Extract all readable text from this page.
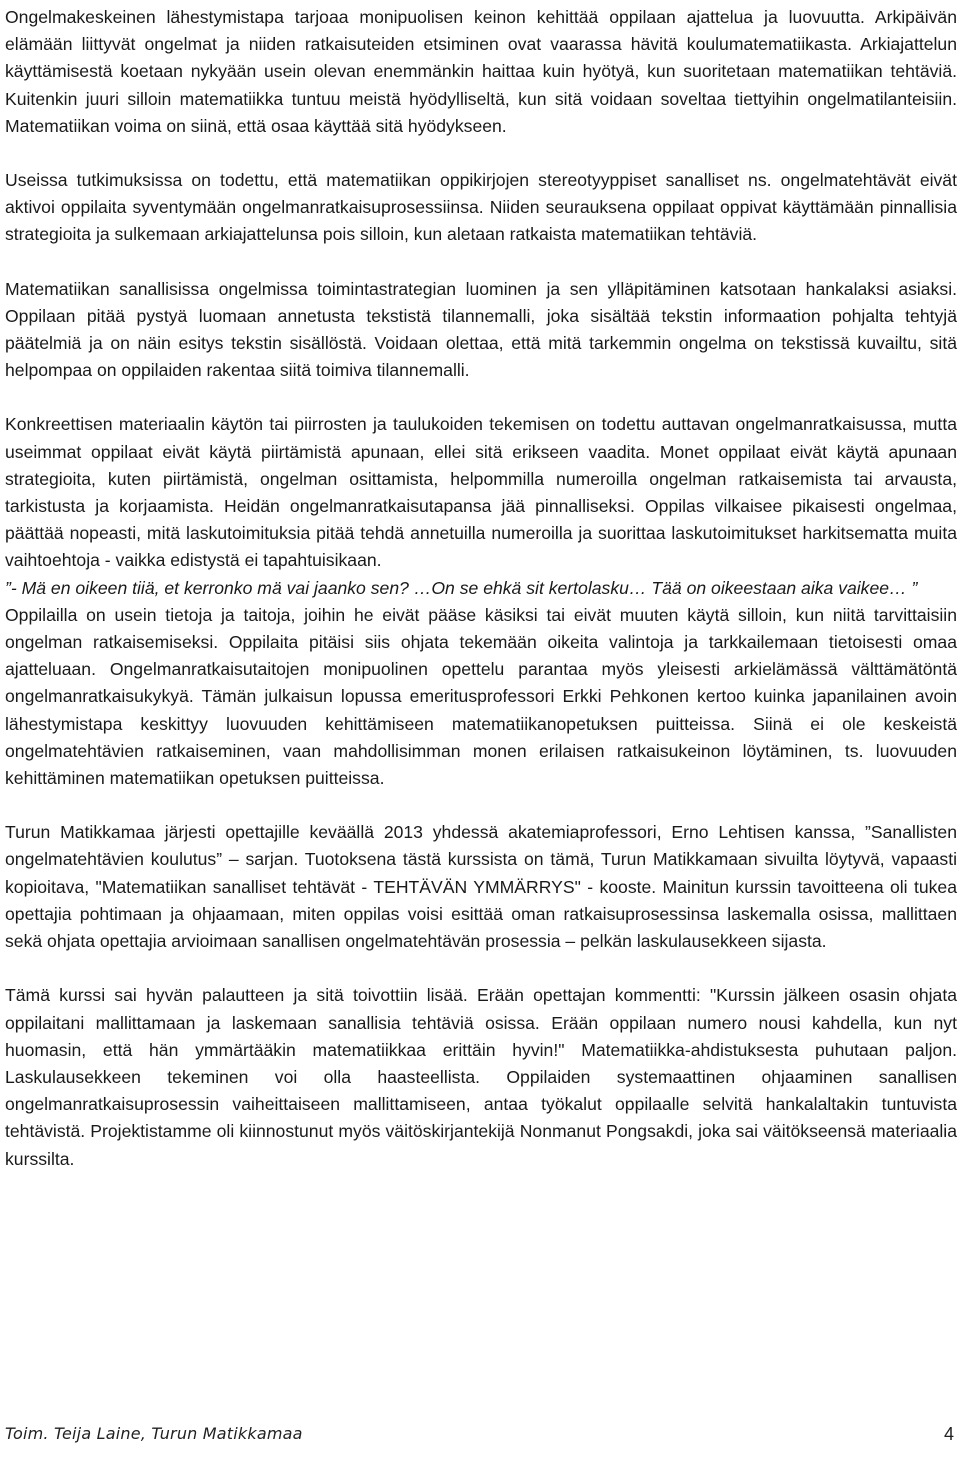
Ongelmakeskeinen lähestymistapa tarjoaa monipuolisen keinon kehittää oppilaan ajattelua ja luovuutta. Arkipäivän elämään liittyvät ongelmat ja niiden ratkaisuteiden etsiminen ovat vaarassa hävitä koulumatematiikasta. Arkiajattelun käyttämisestä koetaan nykyään usein olevan enemmänkin haittaa kuin hyötyä, kun suoritetaan matematiikan tehtäviä. Kuitenkin juuri silloin matematiikka tuntuu meistä hyödylliseltä, kun sitä voidaan soveltaa tiettyihin ongelmatilanteisiin. Matematiikan voima on siinä, että osaa käyttää sitä hyödykseen.

Useissa tutkimuksissa on todettu, että matematiikan oppikirjojen stereotyyppiset sanalliset ns. ongelmatehtävät eivät aktivoi oppilaita syventymään ongelmanratkaisuprosessiinsa. Niiden seurauksena oppilaat oppivat käyttämään pinnallisia strategioita ja sulkemaan arkiajattelunsa pois silloin, kun aletaan ratkaista matematiikan tehtäviä.

Matematiikan sanallisissa ongelmissa toimintastrategian luominen ja sen ylläpitäminen katsotaan hankalaksi asiaksi. Oppilaan pitää pystyä luomaan annetusta tekstistä tilannemalli, joka sisältää tekstin informaation pohjalta tehtyjä päätelmiä ja on näin esitys tekstin sisällöstä. Voidaan olettaa, että mitä tarkemmin ongelma on tekstissä kuvailtu, sitä helpompaa on oppilaiden rakentaa siitä toimiva tilannemalli.

Konkreettisen materiaalin käytön tai piirrosten ja taulukoiden tekemisen on todettu auttavan ongelmanratkaisussa, mutta useimmat oppilaat eivät käytä piirtämistä apunaan, ellei sitä erikseen vaadita. Monet oppilaat eivät käytä apunaan strategioita, kuten piirtämistä, ongelman osittamista, helpommilla numeroilla ongelman ratkaisemista tai arvausta, tarkistusta ja korjaamista. Heidän ongelmanratkaisutapansa jää pinnalliseksi. Oppilas vilkaisee pikaisesti ongelmaa, päättää nopeasti, mitä laskutoimituksia pitää tehdä annetuilla numeroilla ja suorittaa laskutoimitukset harkitsematta muita vaihtoehtoja - vaikka edistystä ei tapahtuisikaan.

”- Mä en oikeen tiiä, et kerronko mä vai jaanko sen? …On se ehkä sit kertolasku… Tää on oikeestaan aika vaikee… ”

Oppilailla on usein tietoja ja taitoja, joihin he eivät pääse käsiksi tai eivät muuten käytä silloin, kun niitä tarvittaisiin ongelman ratkaisemiseksi. Oppilaita pitäisi siis ohjata tekemään oikeita valintoja ja tarkkailemaan tietoisesti omaa ajatteluaan. Ongelmanratkaisutaitojen monipuolinen opettelu parantaa myös yleisesti arkielämässä välttämätöntä ongelmanratkaisukykyä. Tämän julkaisun lopussa emeritusprofessori Erkki Pehkonen kertoo kuinka japanilainen avoin lähestymistapa keskittyy luovuuden kehittämiseen matematiikanopetuksen puitteissa. Siinä ei ole keskeistä ongelmatehtävien ratkaiseminen, vaan mahdollisimman monen erilaisen ratkaisukeinon löytäminen, ts. luovuuden kehittäminen matematiikan opetuksen puitteissa.

Turun Matikkamaa järjesti opettajille keväällä 2013 yhdessä akatemiaprofessori, Erno Lehtisen kanssa, ”Sanallisten ongelmatehtävien koulutus” – sarjan. Tuotoksena tästä kurssista on tämä, Turun Matikkamaan sivuilta löytyvä, vapaasti kopioitava, "Matematiikan sanalliset tehtävät - TEHTÄVÄN YMMÄRRYS" - kooste. Mainitun kurssin tavoitteena oli tukea opettajia pohtimaan ja ohjaamaan, miten oppilas voisi esittää oman ratkaisuprosessinsa laskemalla osissa, mallittaen sekä ohjata opettajia arvioimaan sanallisen ongelmatehtävän prosessia – pelkän laskulausekkeen sijasta.

Tämä kurssi sai hyvän palautteen ja sitä toivottiin lisää. Erään opettajan kommentti: "Kurssin jälkeen osasin ohjata oppilaitani mallittamaan ja laskemaan sanallisia tehtäviä osissa. Erään oppilaan numero nousi kahdella, kun nyt huomasin, että hän ymmärtääkin matematiikkaa erittäin hyvin!" Matematiikka-ahdistuksesta puhutaan paljon. Laskulausekkeen tekeminen voi olla haasteellista. Oppilaiden systemaattinen ohjaaminen sanallisen ongelmanratkaisuprosessin vaiheittaiseen mallittamiseen, antaa työkalut oppilaalle selvitä hankalaltakin tuntuvista tehtävistä. Projektistamme oli kiinnostunut myös väitöskirjantekijä Nonmanut Pongsakdi, joka sai väitökseensä materiaalia kurssilta.

Toim. Teija Laine, Turun Matikkamaa	4
